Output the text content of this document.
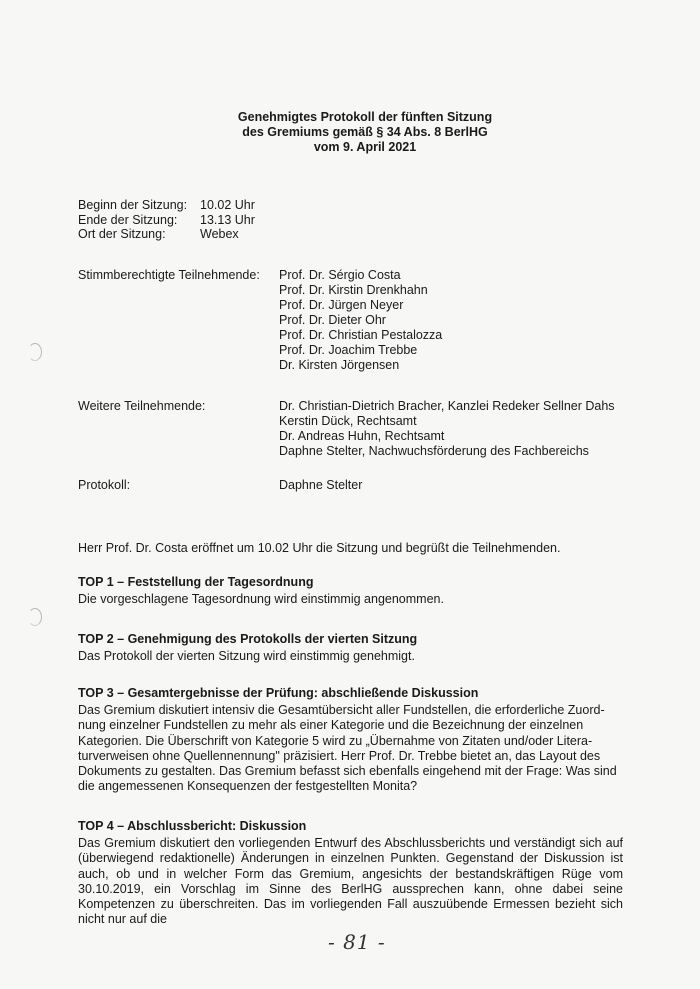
Genehmigtes Protokoll der fünften Sitzung
des Gremiums gemäß § 34 Abs. 8 BerlHG
vom 9. April 2021
Beginn der Sitzung:	10.02 Uhr
Ende der Sitzung:	13.13 Uhr
Ort der Sitzung:	Webex
Stimmberechtigte Teilnehmende: Prof. Dr. Sérgio Costa
Prof. Dr. Kirstin Drenkhahn
Prof. Dr. Jürgen Neyer
Prof. Dr. Dieter Ohr
Prof. Dr. Christian Pestalozza
Prof. Dr. Joachim Trebbe
Dr. Kirsten Jörgensen
Weitere Teilnehmende:	Dr. Christian-Dietrich Bracher, Kanzlei Redeker Sellner Dahs
Kerstin Dück, Rechtsamt
Dr. Andreas Huhn, Rechtsamt
Daphne Stelter, Nachwuchsförderung des Fachbereichs
Protokoll:	Daphne Stelter
Herr Prof. Dr. Costa eröffnet um 10.02 Uhr die Sitzung und begrüßt die Teilnehmenden.
TOP 1 – Feststellung der Tagesordnung
Die vorgeschlagene Tagesordnung wird einstimmig angenommen.
TOP 2 – Genehmigung des Protokolls der vierten Sitzung
Das Protokoll der vierten Sitzung wird einstimmig genehmigt.
TOP 3 – Gesamtergebnisse der Prüfung: abschließende Diskussion
Das Gremium diskutiert intensiv die Gesamtübersicht aller Fundstellen, die erforderliche Zuord-nung einzelner Fundstellen zu mehr als einer Kategorie und die Bezeichnung der einzelnen Kategorien. Die Überschrift von Kategorie 5 wird zu „Übernahme von Zitaten und/oder Litera-turverweisen ohne Quellennennung" präzisiert. Herr Prof. Dr. Trebbe bietet an, das Layout des Dokuments zu gestalten. Das Gremium befasst sich ebenfalls eingehend mit der Frage: Was sind die angemessenen Konsequenzen der festgestellten Monita?
TOP 4 – Abschlussbericht: Diskussion
Das Gremium diskutiert den vorliegenden Entwurf des Abschlussberichts und verständigt sich auf (überwiegend redaktionelle) Änderungen in einzelnen Punkten. Gegenstand der Diskussion ist auch, ob und in welcher Form das Gremium, angesichts der bestandskräftigen Rüge vom 30.10.2019, ein Vorschlag im Sinne des BerlHG aussprechen kann, ohne dabei seine Kompetenzen zu überschreiten. Das im vorliegenden Fall auszuübende Ermessen bezieht sich nicht nur auf die
- 81 -
